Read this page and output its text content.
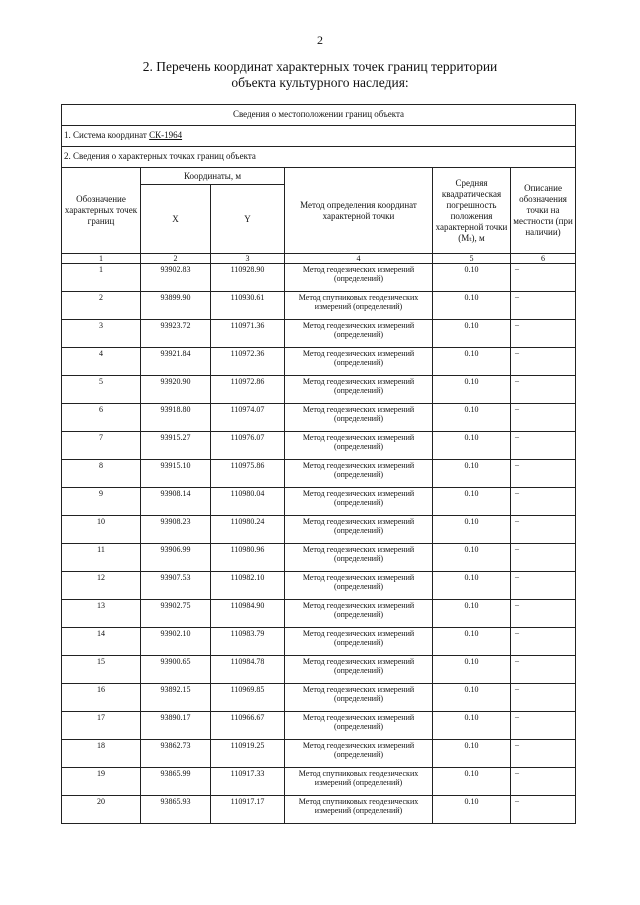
2
2. Перечень координат характерных точек границ территории
объекта культурного наследия:
Сведения о местоположении границ объекта					
1. Система координат СК-1964					
2. Сведения о характерных точках границ объекта					
Обозначение характерных точек границ	Координаты, м		Метод определения координат характерной точки	Средняя квадратическая погрешность положения характерной точки (Mₜ), м	Описание обозначения точки на местности (при наличии)
	X	Y			
1	2	3	4	5	6
1	93902.83	110928.90	Метод геодезических измерений (определений)	0.10	–
2	93899.90	110930.61	Метод спутниковых геодезических измерений (определений)	0.10	–
3	93923.72	110971.36	Метод геодезических измерений (определений)	0.10	–
4	93921.84	110972.36	Метод геодезических измерений (определений)	0.10	–
5	93920.90	110972.86	Метод геодезических измерений (определений)	0.10	–
6	93918.80	110974.07	Метод геодезических измерений (определений)	0.10	–
7	93915.27	110976.07	Метод геодезических измерений (определений)	0.10	–
8	93915.10	110975.86	Метод геодезических измерений (определений)	0.10	–
9	93908.14	110980.04	Метод геодезических измерений (определений)	0.10	–
10	93908.23	110980.24	Метод геодезических измерений (определений)	0.10	–
11	93906.99	110980.96	Метод геодезических измерений (определений)	0.10	–
12	93907.53	110982.10	Метод геодезических измерений (определений)	0.10	–
13	93902.75	110984.90	Метод геодезических измерений (определений)	0.10	–
14	93902.10	110983.79	Метод геодезических измерений (определений)	0.10	–
15	93900.65	110984.78	Метод геодезических измерений (определений)	0.10	–
16	93892.15	110969.85	Метод геодезических измерений (определений)	0.10	–
17	93890.17	110966.67	Метод геодезических измерений (определений)	0.10	–
18	93862.73	110919.25	Метод геодезических измерений (определений)	0.10	–
19	93865.99	110917.33	Метод спутниковых геодезических измерений (определений)	0.10	–
20	93865.93	110917.17	Метод спутниковых геодезических измерений (определений)	0.10	–
